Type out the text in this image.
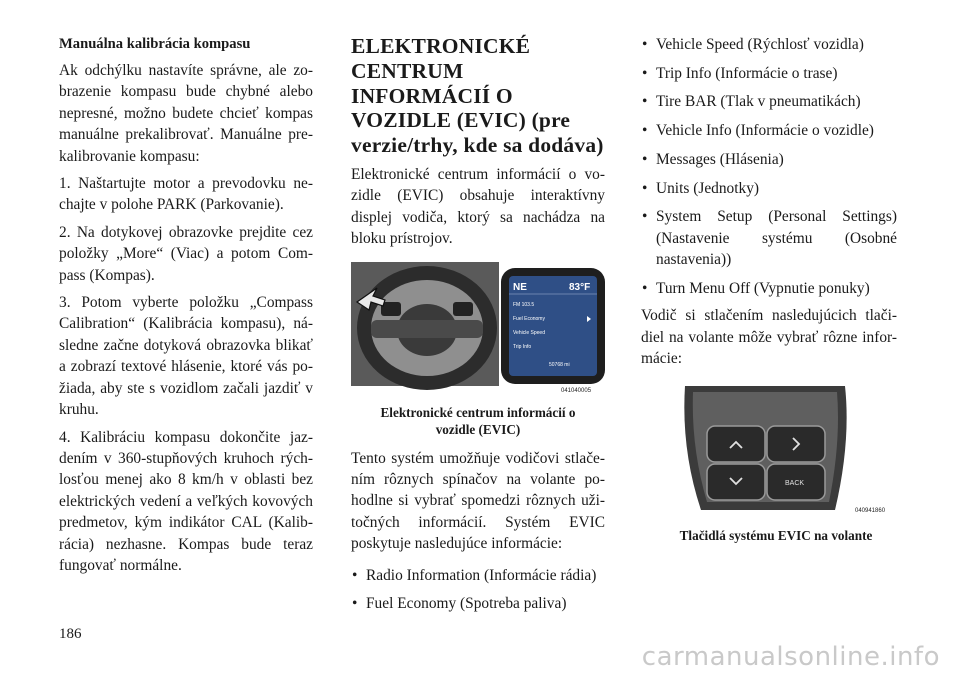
Manuálna kalibrácia kompasu

Ak odchýlku nastavíte správne, ale zo-brazenie kompasu bude chybné alebo nepresné, možno budete chcieť kompas manuálne prekalibrovať. Manuálne pre-kalibrovanie kompasu:

1. Naštartujte motor a prevodovku ne-chajte v polohe PARK (Parkovanie).

2. Na dotykovej obrazovke prejdite cez položky „More“ (Viac) a potom Com-pass (Kompas).

3. Potom vyberte položku „Compass Calibration“ (Kalibrácia kompasu), ná-sledne začne dotyková obrazovka blikať a zobrazí textové hlásenie, ktoré vás po-žiada, aby ste s vozidlom začali jazdiť v kruhu.

4. Kalibráciu kompasu dokončite jaz-dením v 360-stupňových kruhoch rých-losťou menej ako 8 km/h v oblasti bez elektrických vedení a veľkých kovových predmetov, kým indikátor CAL (Kalib-rácia) nezhasne. Kompas bude teraz fungovať normálne.

ELEKTRONICKÉ
CENTRUM
INFORMÁCIÍ O
VOZIDLE (EVIC) (pre
verzie/trhy, kde sa dodáva)

Elektronické centrum informácií o vo-zidle (EVIC) obsahuje interaktívny displej vodiča, ktorý sa nachádza na bloku prístrojov.

NE	83°F
FM 103.5
Fuel Economy
Vehicle Speed
Trip Info
50768 mi
041040005
Elektronické centrum informácií o vozidle (EVIC)

Tento systém umožňuje vodičovi stlače-ním rôznych spínačov na volante po-hodlne si vybrať spomedzi rôznych uži-točných informácií. Systém EVIC poskytuje nasledujúce informácie:

• Radio Information (Informácie rádia)
• Fuel Economy (Spotreba paliva)
• Vehicle Speed (Rýchlosť vozidla)
• Trip Info (Informácie o trase)
• Tire BAR (Tlak v pneumatikách)
• Vehicle Info (Informácie o vozidle)
• Messages (Hlásenia)
• Units (Jednotky)
• System Setup (Personal Settings) (Nastavenie systému (Osobné nastavenia))
• Turn Menu Off (Vypnutie ponuky)

Vodič si stlačením nasledujúcich tlači-diel na volante môže vybrať rôzne infor-mácie:

BACK
040941860
Tlačidlá systému EVIC na volante
186
carmanualsonline.info
